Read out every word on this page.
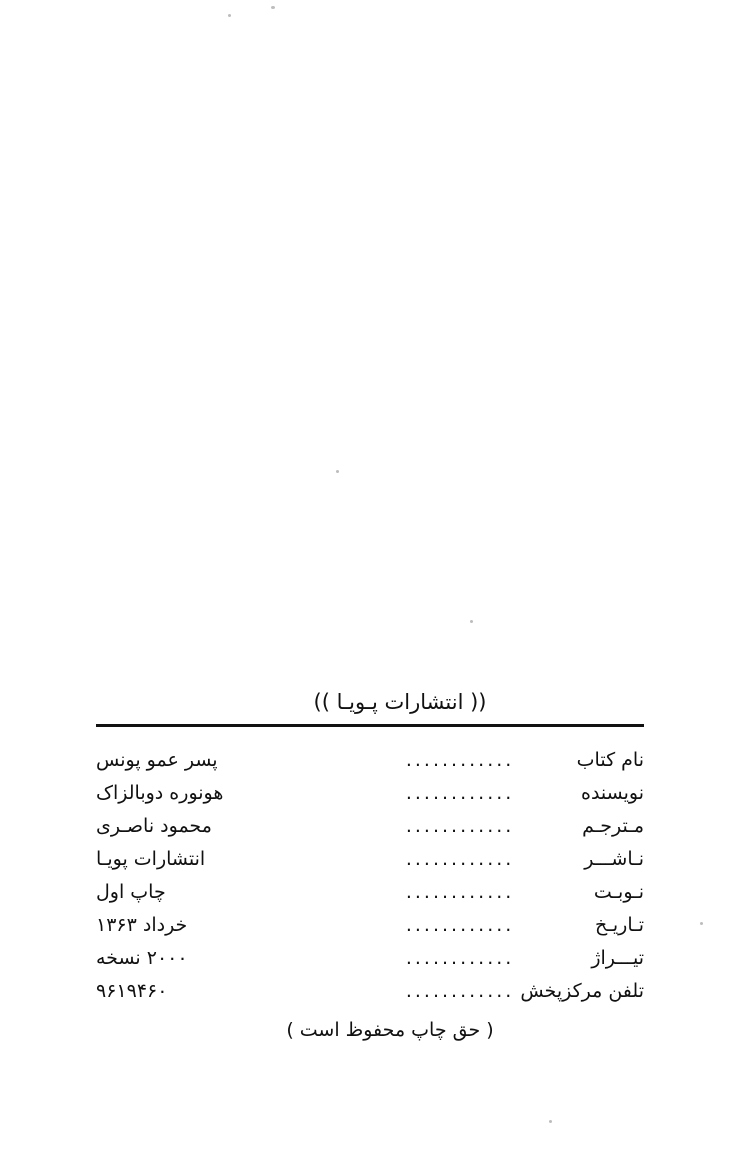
(( انتشارات پـویـا ))
نام کتاب	............	پسر عمو پونس
نویسنده	............	هونوره دوبالزاک
مـترجـم	............	محمود ناصـری
نـاشـــر	............	انتشارات پویـا
نـوبـت	............	چاپ اول
تـاریـخ	............	خرداد ۱۳۶۳
تیـــراژ	............	۲۰۰۰ نسخه
تلفن مرکزپخش	............	۹۶۱۹۴۶۰
( حق چاپ محفوظ است )
